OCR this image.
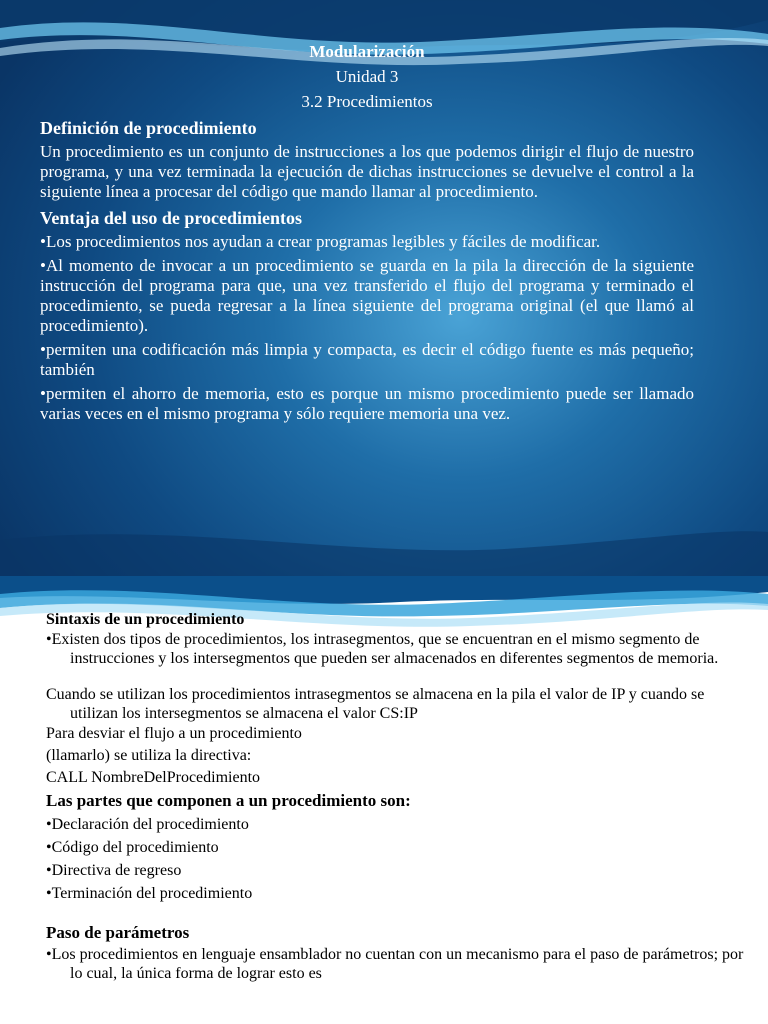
Modularización
Unidad 3
3.2 Procedimientos
Definición de procedimiento
Un procedimiento es un conjunto de instrucciones a los que podemos dirigir el flujo de nuestro programa, y una vez terminada la ejecución de dichas instrucciones se devuelve el control a la siguiente línea a procesar del código que mando llamar al procedimiento.
Ventaja del uso de procedimientos
•Los procedimientos nos ayudan a crear programas legibles y fáciles de modificar.
•Al momento de invocar a un procedimiento se guarda en la pila la dirección de la siguiente instrucción del programa para que, una vez transferido el flujo del programa y terminado el procedimiento, se pueda regresar a la línea siguiente del programa original (el que llamó al procedimiento).
•permiten una codificación más limpia y compacta, es decir el código fuente es más pequeño; también
•permiten el ahorro de memoria, esto es porque un mismo procedimiento puede ser llamado varias veces en el mismo programa y sólo requiere memoria una vez.
Sintaxis de un procedimiento
•Existen dos tipos de procedimientos, los intrasegmentos, que se encuentran en el mismo segmento de instrucciones y los intersegmentos que pueden ser almacenados en diferentes segmentos de memoria.
Cuando se utilizan los procedimientos intrasegmentos se almacena en la pila el valor de IP y cuando se utilizan los intersegmentos se almacena el valor CS:IP
Para desviar el flujo a un procedimiento
(llamarlo) se utiliza la directiva:
CALL NombreDelProcedimiento
Las partes que componen a un procedimiento son:
•Declaración del procedimiento
•Código del procedimiento
•Directiva de regreso
•Terminación del procedimiento
Paso de parámetros
•Los procedimientos en lenguaje ensamblador no cuentan con un mecanismo para el paso de parámetros; por lo cual, la única forma de lograr esto es
